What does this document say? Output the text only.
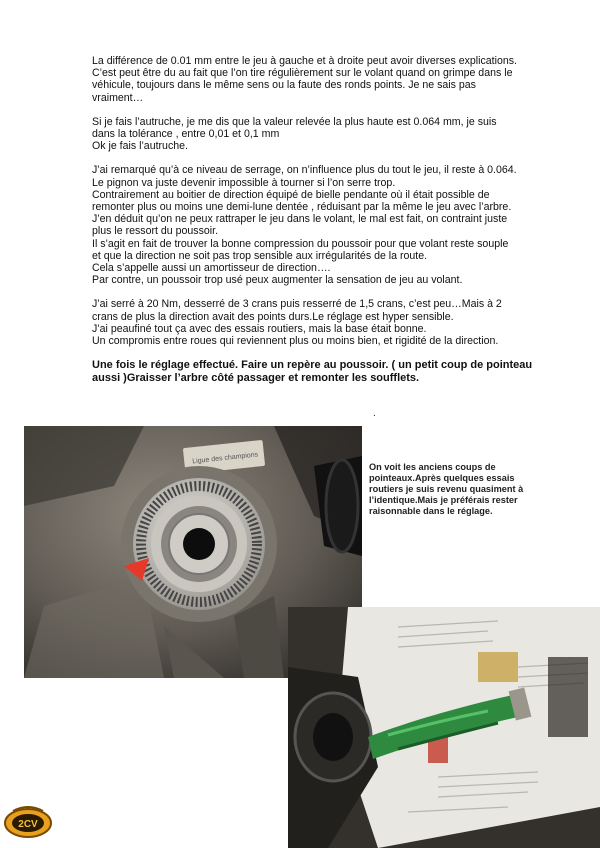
La différence de 0.01 mm entre le jeu à gauche et à droite peut avoir diverses explications.
C’est peut être du au fait que l’on tire régulièrement sur le volant quand on grimpe dans le
véhicule, toujours dans le même sens ou la faute des ronds points. Je ne sais pas
vraiment…

Si je fais l’autruche, je me dis que la valeur relevée la plus haute est 0.064 mm, je suis
dans la tolérance , entre 0,01 et 0,1 mm
Ok je fais l’autruche.

J’ai remarqué qu’à ce niveau de serrage, on n’influence plus du tout le jeu, il reste à 0.064.
Le pignon va juste devenir impossible à tourner si l’on serre trop.
Contrairement au boitier de direction équipé de bielle pendante où il était possible de
remonter plus ou moins une demi-lune dentée , réduisant par la même le jeu avec l’arbre.
J’en déduit qu’on ne peux rattraper le jeu dans le volant, le mal est fait, on contraint juste
plus le ressort du poussoir.
Il s’agit en fait de trouver la bonne compression du poussoir pour que volant reste souple
et que la direction ne soit pas trop sensible aux irrégularités de la route.
Cela s’appelle aussi un amortisseur de direction….
Par contre, un poussoir trop usé peux augmenter la sensation de jeu au volant.

J’ai serré à 20 Nm, desserré de 3 crans puis resserré de 1,5 crans, c’est peu…Mais à 2
crans de plus la direction avait des points durs.Le réglage est hyper sensible.
J’ai peaufiné tout ça avec des essais routiers, mais la base était bonne.
Un compromis entre roues qui reviennent plus ou moins bien, et rigidité de la direction.

Une fois le réglage effectué. Faire un repère au poussoir. ( un petit coup de pointeau
aussi )Graisser l’arbre côté passager et remonter les soufflets.

.
Ligue des champions
On voit les anciens coups de
pointeaux.Après quelques essais
routiers je suis revenu quasiment à
l’identique.Mais je préférais rester
raisonnable dans le réglage.
2CV
